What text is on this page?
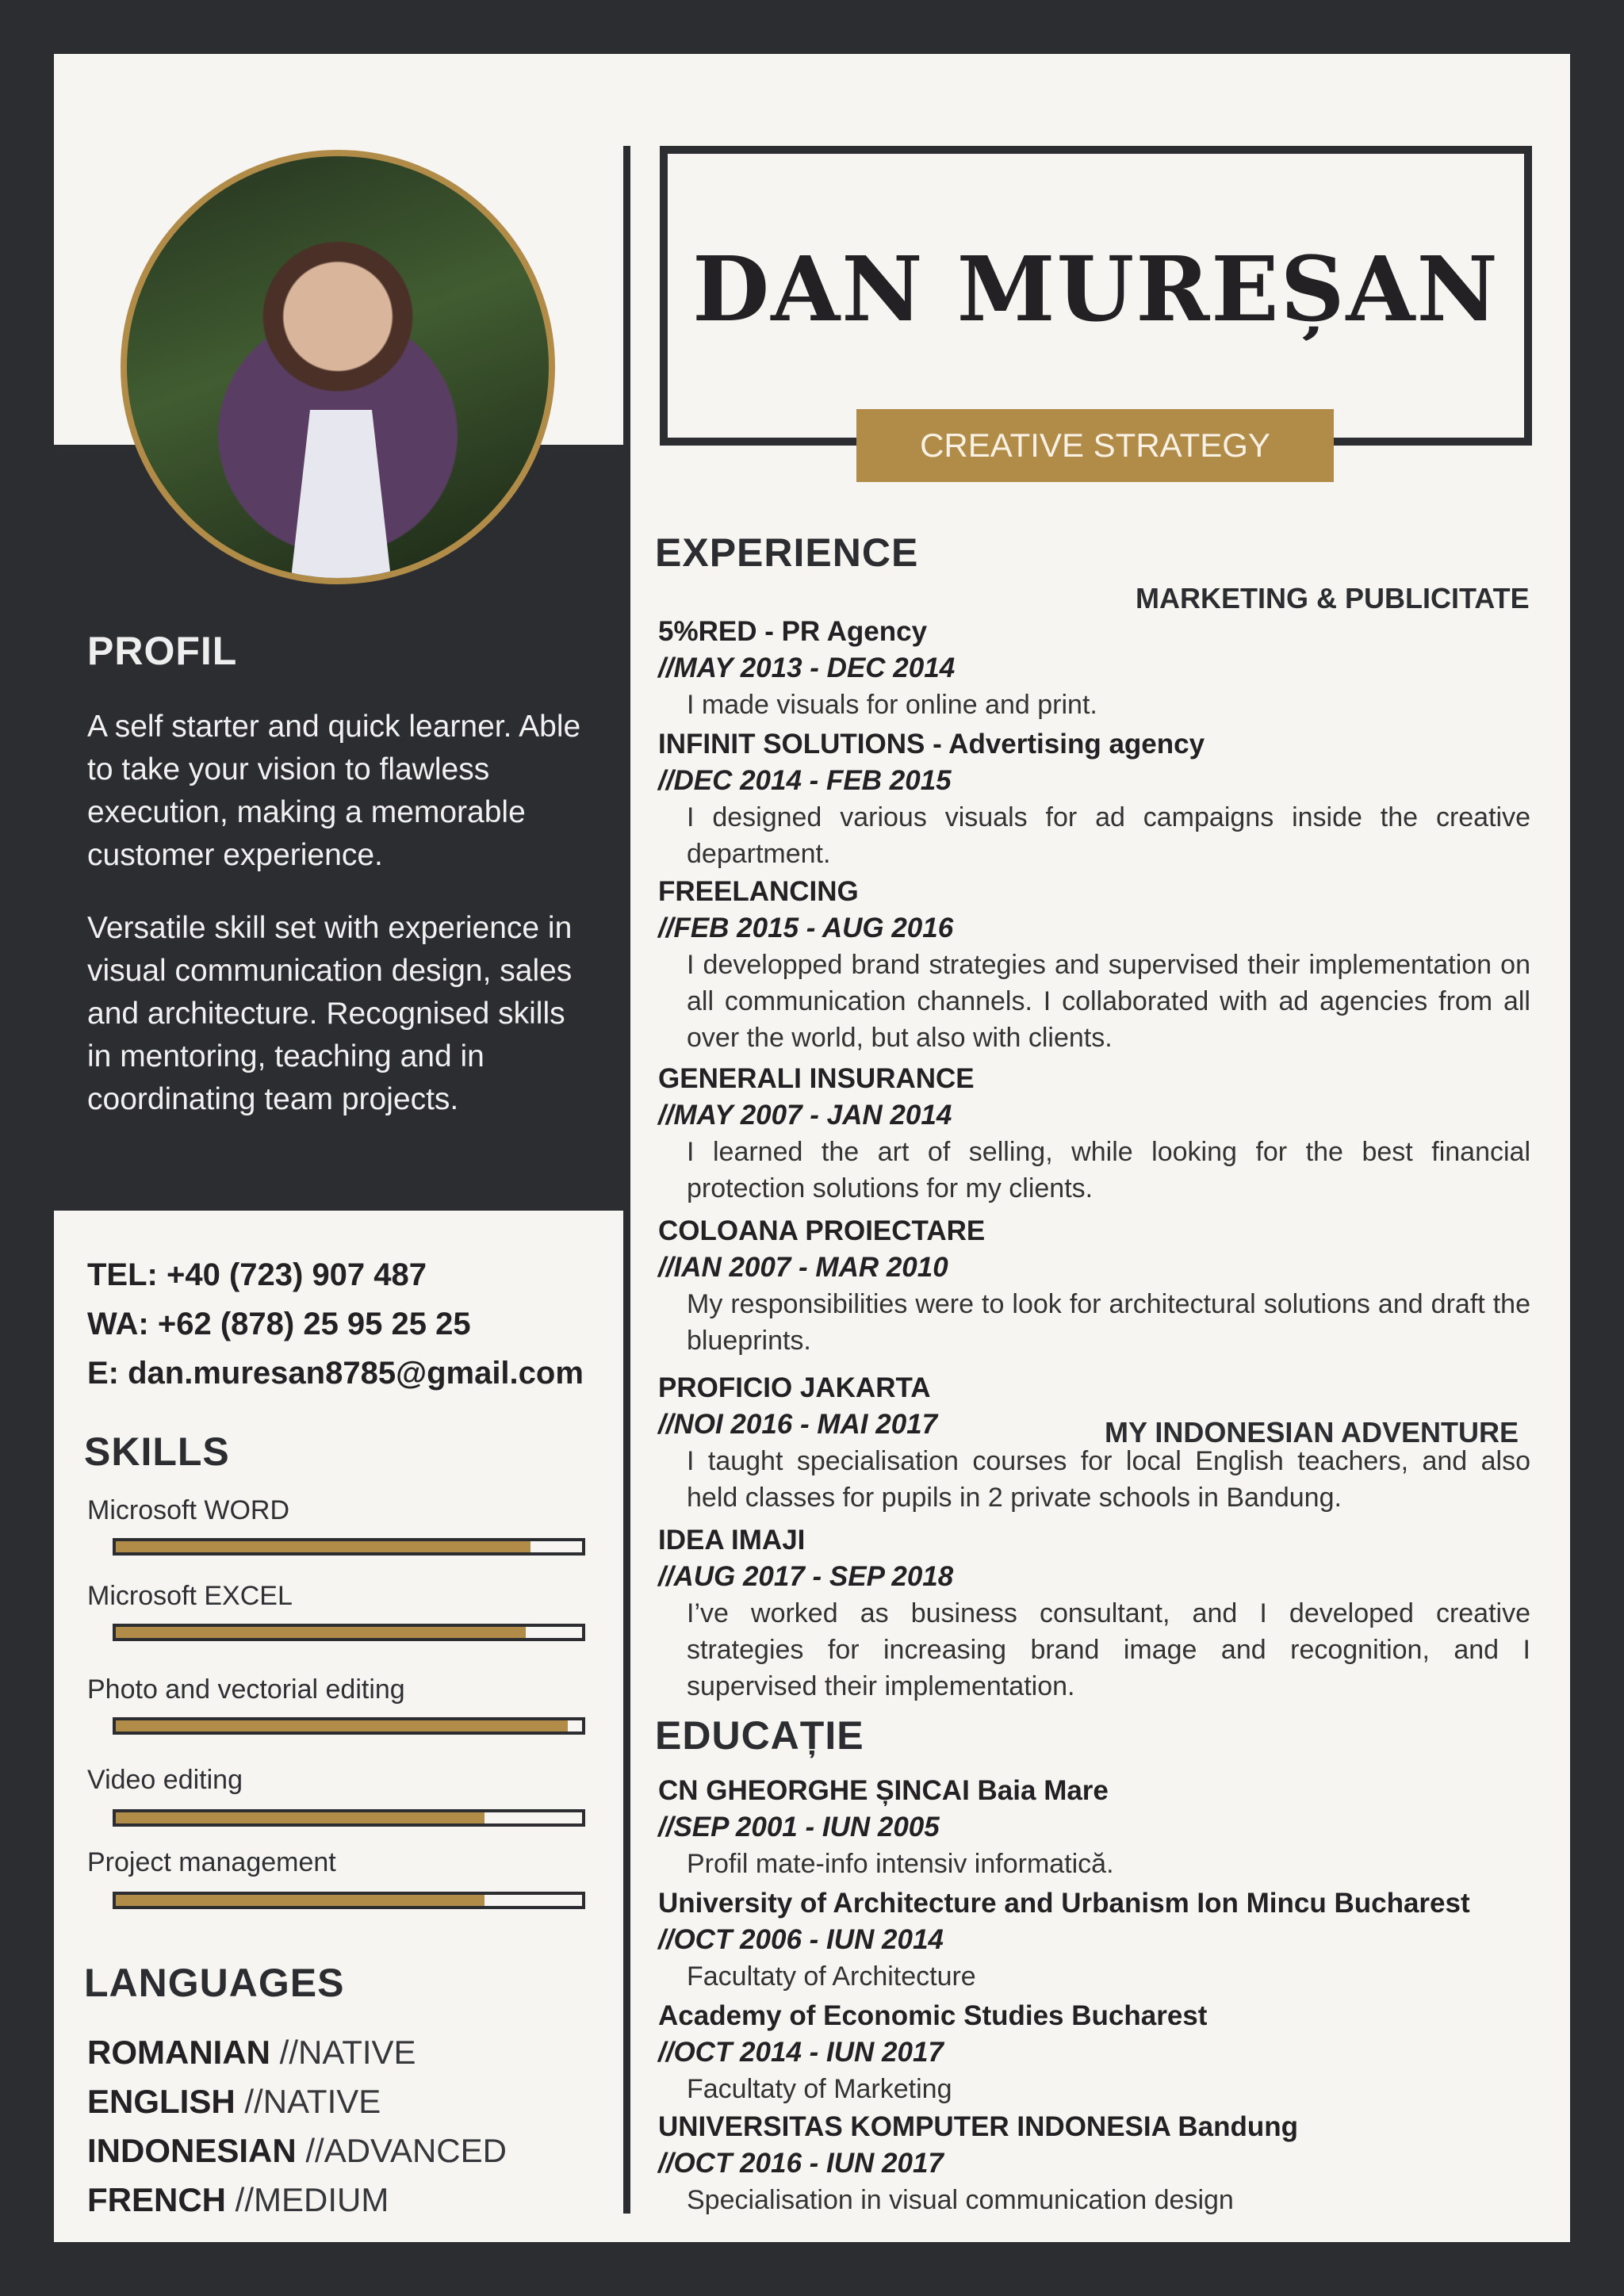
DAN MUREȘAN
CREATIVE STRATEGY
PROFIL
A self starter and quick learner. Able to take your vision to flawless execution, making a memorable customer experience.
Versatile skill set with experience in visual communication design, sales and architecture. Recognised skills in mentoring, teaching and in coordinating team projects.
TEL: +40 (723) 907 487
WA: +62 (878) 25 95 25 25
E: dan.muresan8785@gmail.com
SKILLS
Microsoft WORD
Microsoft EXCEL
Photo and vectorial editing
Video editing
Project management
LANGUAGES
ROMANIAN //NATIVE
ENGLISH //NATIVE
INDONESIAN //ADVANCED
FRENCH //MEDIUM
EXPERIENCE
MARKETING & PUBLICITATE
5%RED - PR Agency
//MAY 2013 - DEC 2014
I made visuals for online and print.
INFINIT SOLUTIONS - Advertising agency
//DEC 2014 - FEB 2015
I designed various visuals for ad campaigns inside the creative department.
FREELANCING
//FEB 2015 - AUG 2016
I developped brand strategies and supervised their implementation on all communication channels. I collaborated with ad agencies from all over the world, but also with clients.
GENERALI INSURANCE
//MAY 2007 - JAN 2014
I learned the art of selling, while looking for the best financial protection solutions for my clients.
COLOANA PROIECTARE
//IAN 2007 - MAR 2010
My responsibilities were to look for architectural solutions and draft the blueprints.
MY INDONESIAN ADVENTURE
PROFICIO JAKARTA
//NOI 2016 - MAI 2017
I taught specialisation courses for local English teachers, and also held classes for pupils in 2 private schools in Bandung.
IDEA IMAJI
//AUG 2017 - SEP 2018
I’ve worked as business consultant, and I developed creative strategies for increasing brand image and recognition, and I supervised their implementation.
EDUCAȚIE
CN GHEORGHE ȘINCAI Baia Mare
//SEP 2001 - IUN 2005
Profil mate-info intensiv informatică.
University of Architecture and Urbanism Ion Mincu Bucharest
//OCT 2006 - IUN 2014
Facultaty of Architecture
Academy of Economic Studies Bucharest
//OCT 2014 - IUN 2017
Facultaty of Marketing
UNIVERSITAS KOMPUTER INDONESIA Bandung
//OCT 2016 - IUN 2017
Specialisation in visual communication design
